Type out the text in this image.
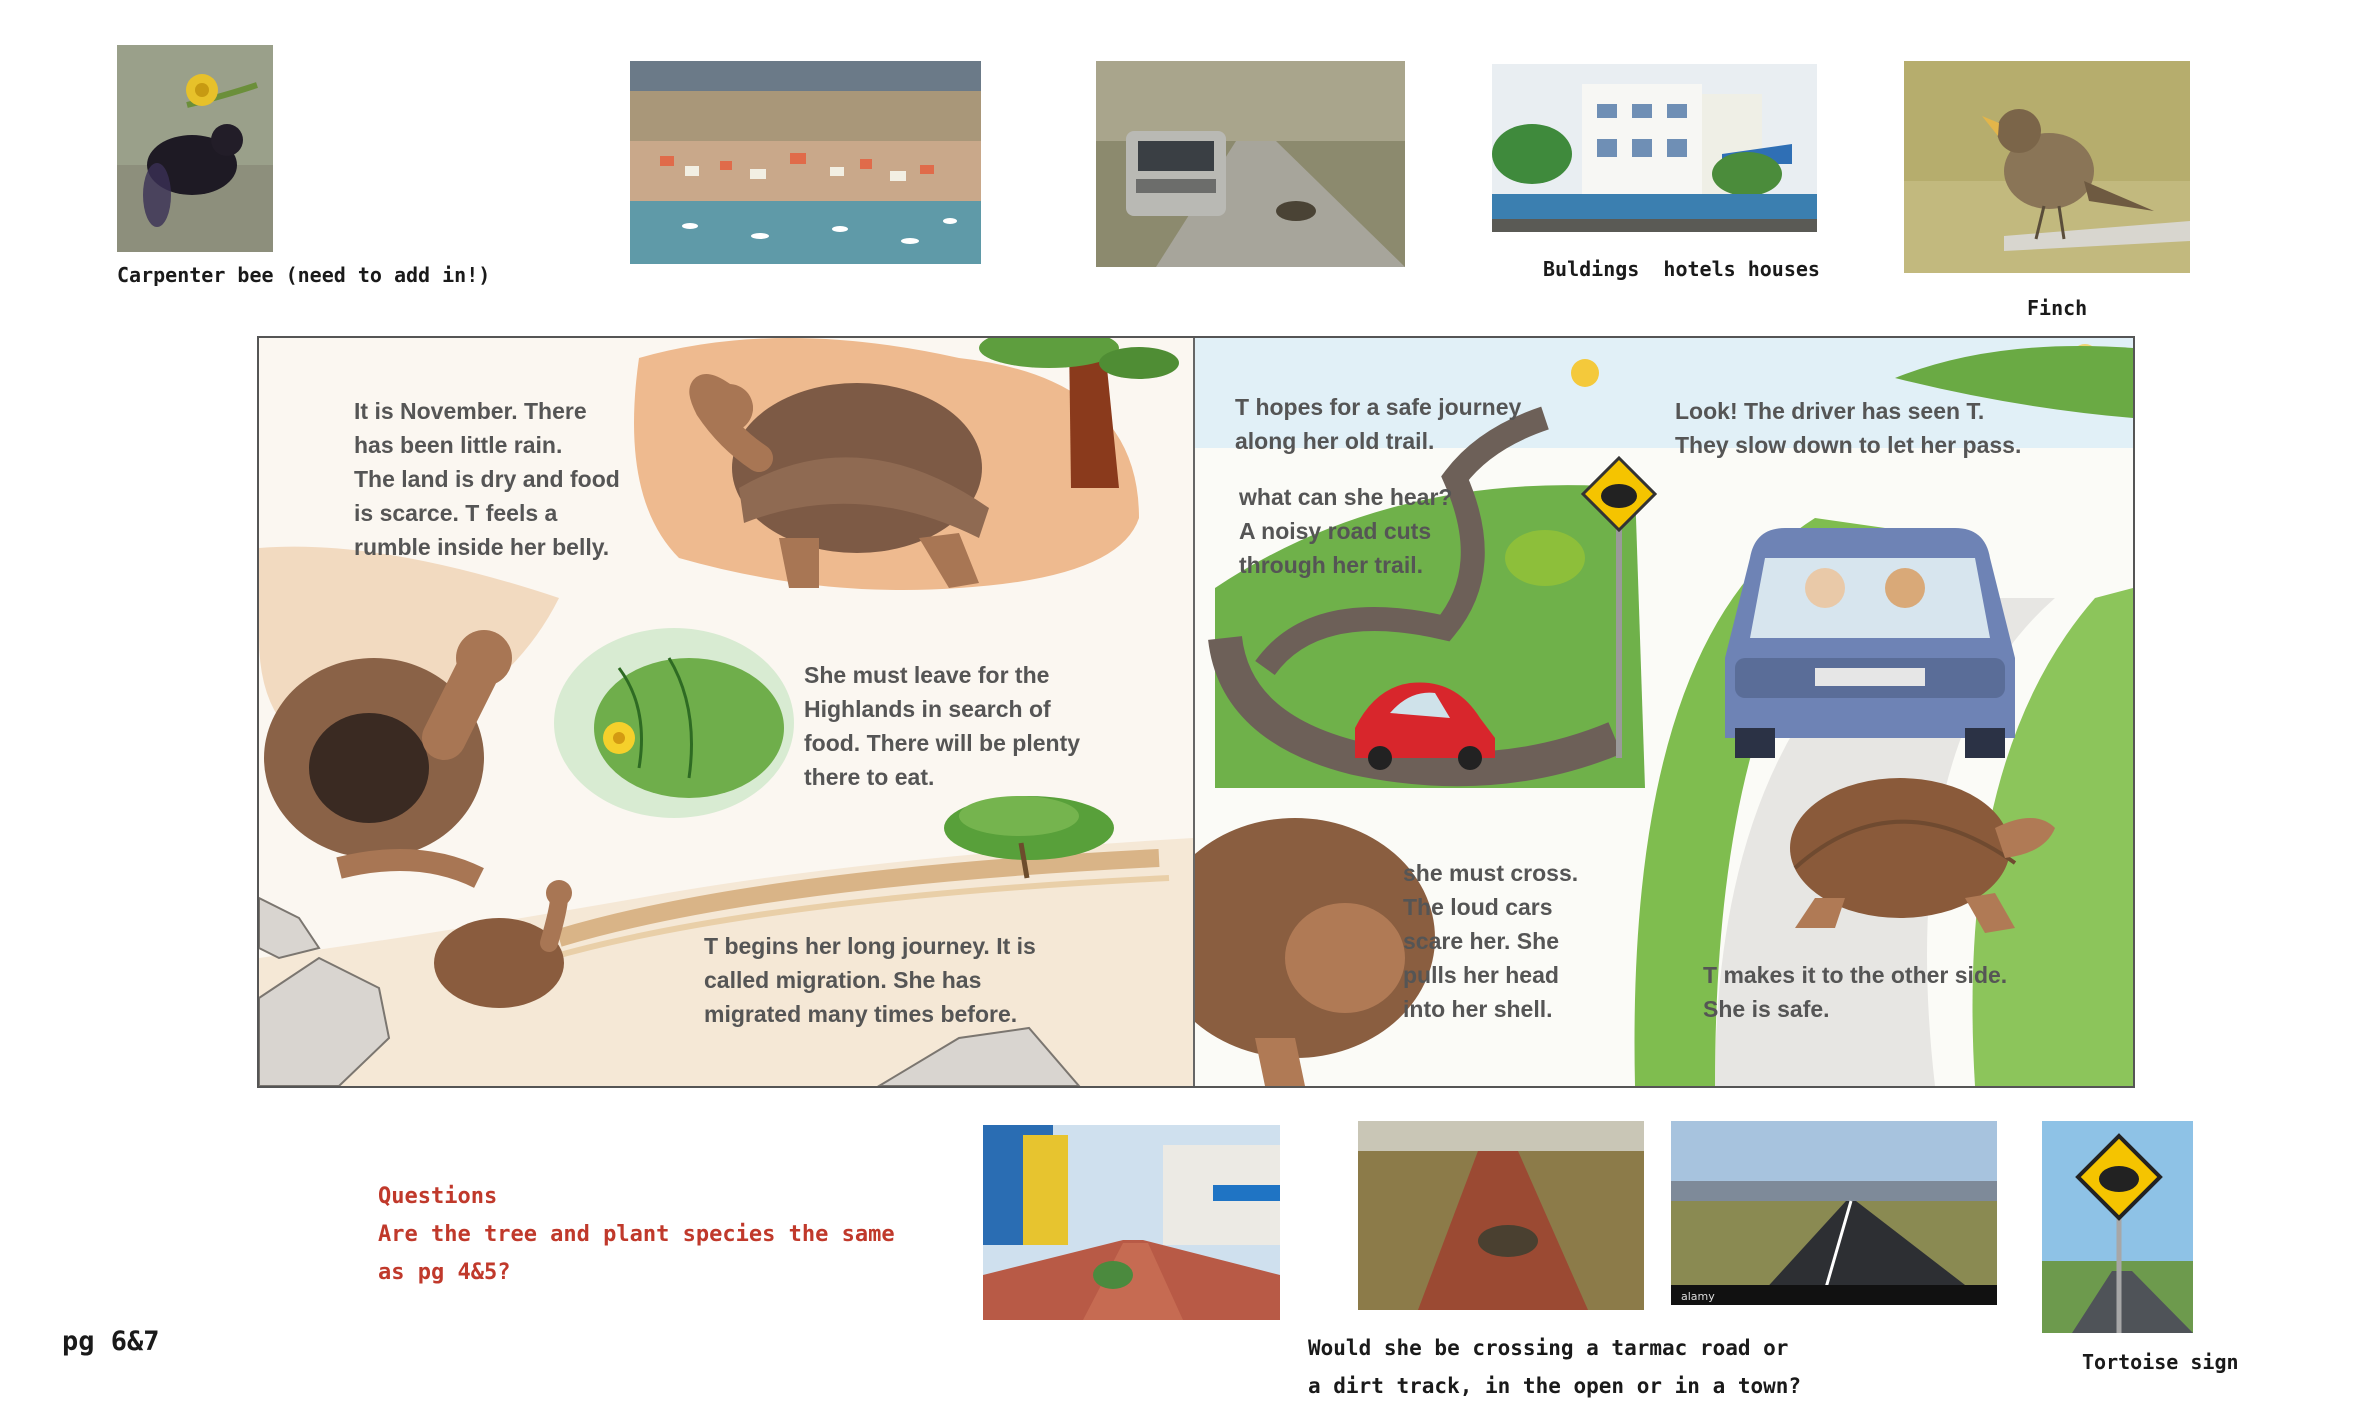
Carpenter bee (need to add in!)	Buldings  hotels houses
Finch
It is November. There
has been little rain.
The land is dry and food
is scarce. T feels a
rumble inside her belly.
She must leave for the
Highlands in search of
food. There will be plenty
there to eat.
T begins her long journey. It is
called migration. She has
migrated many times before.
T hopes for a safe journey
along her old trail.
what can she hear?
A noisy road cuts
through her trail.
she must cross.
The loud cars
scare her. She
pulls her head
into her shell.
Look! The driver has seen T.
They slow down to let her pass.
T makes it to the other side.
She is safe.
Questions
Are the tree and plant species the same
as pg 4&5?
pg 6&7
alamy
Would she be crossing a tarmac road or
a dirt track, in the open or in a town?
Tortoise sign
